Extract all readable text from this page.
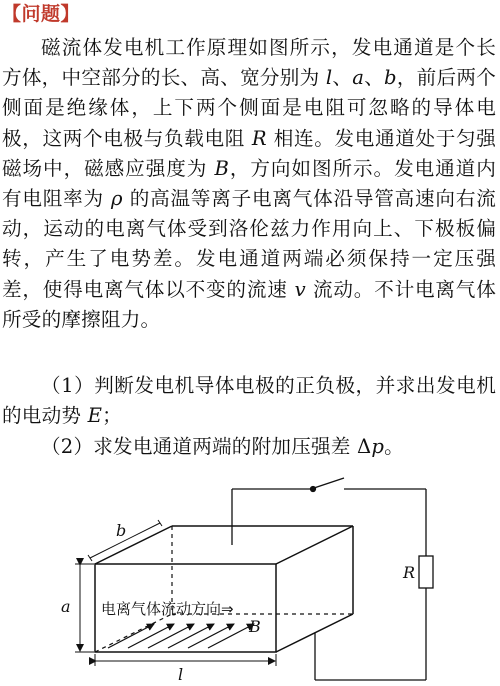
【问题】
磁流体发电机工作原理如图所示，发电通道是个长方体，中空部分的长、高、宽分别为 l、a、b，前后两个侧面是绝缘体，上下两个侧面是电阻可忽略的导体电极，这两个电极与负载电阻 R 相连。发电通道处于匀强磁场中，磁感应强度为 B，方向如图所示。发电通道内有电阻率为 ρ 的高温等离子电离气体沿导管高速向右流动，运动的电离气体受到洛伦兹力作用向上、下极板偏转，产生了电势差。发电通道两端必须保持一定压强差，使得电离气体以不变的流速 v 流动。不计电离气体所受的摩擦阻力。
（1）判断发电机导体电极的正负极，并求出发电机的电动势 E；
（2）求发电通道两端的附加压强差 Δp。
b
a
l
B
电离气体流动方向⇒
R
